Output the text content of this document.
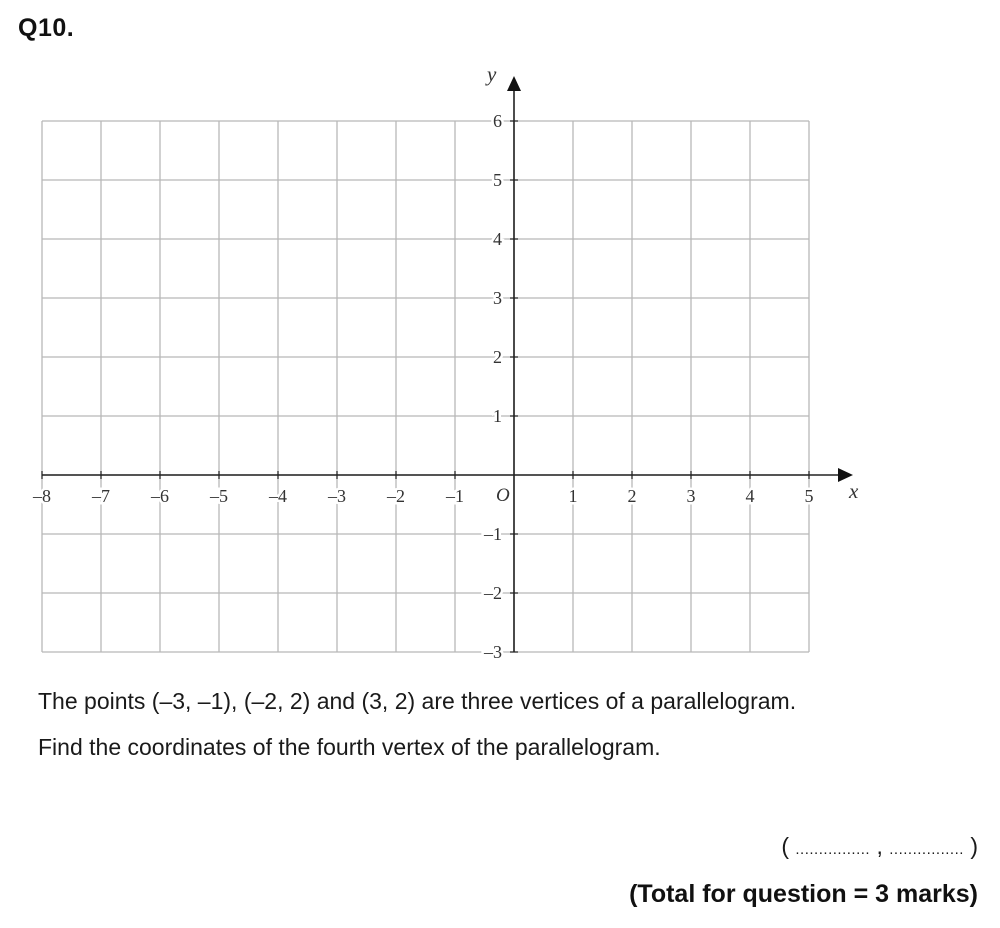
Q10.
–8 –7 –6 –5 –4 –3 –2 –1	1	2	3	4	5
6
5
4
3
2
1
–1
–2
–3
O	x
y
The points (–3, –1), (–2, 2) and (3, 2) are three vertices of a parallelogram.
Find the coordinates of the fourth vertex of the parallelogram.
( ................ , ................ )
(Total for question = 3 marks)
